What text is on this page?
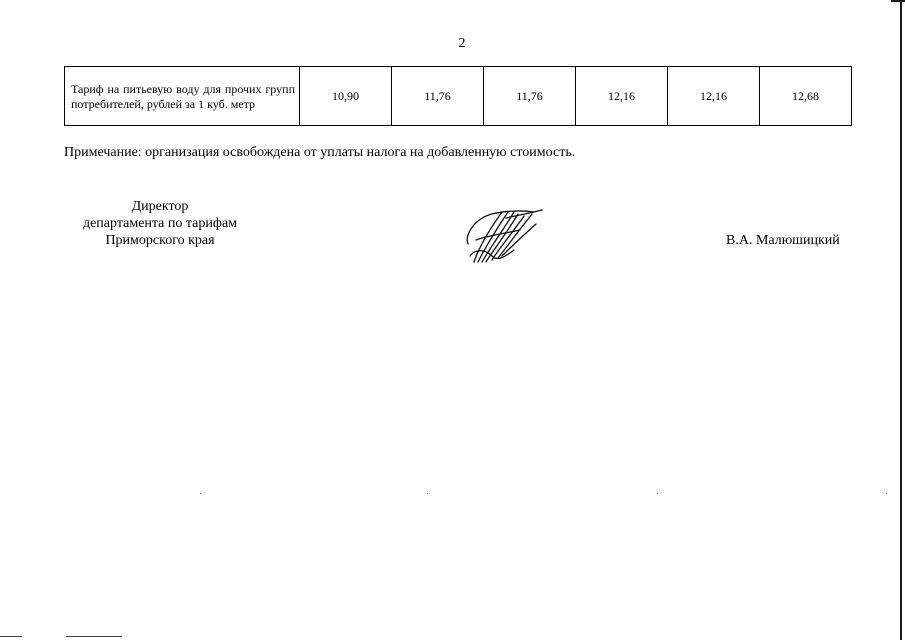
2
Тариф на питьевую воду для прочих групп потребителей, рублей за 1 куб. метр	10,90	11,76	11,76	12,16	12,16	12,68
Примечание: организация освобождена от уплаты налога на добавленную стоимость.
Директор
департамента по тарифам
Приморского края	В.А. Малюшицкий
